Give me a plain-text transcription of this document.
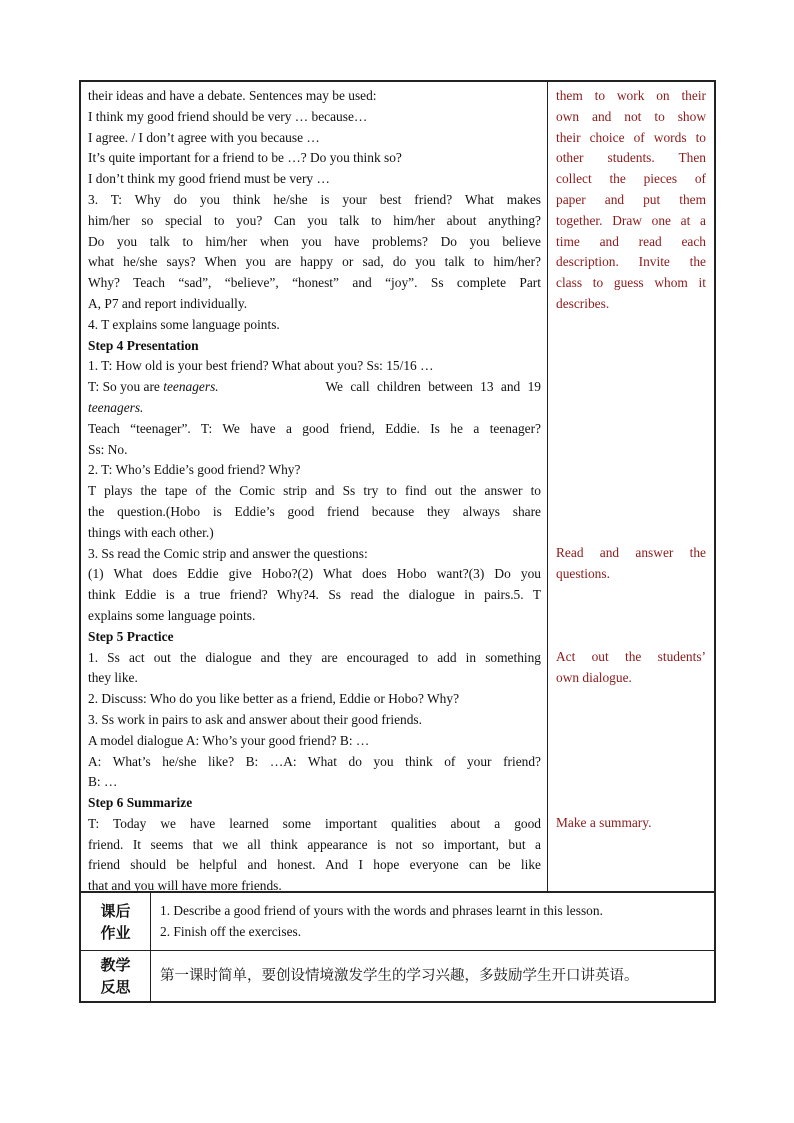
their ideas and have a debate. Sentences may be used:
I think my good friend should be very … because…
I agree. / I don’t agree with you because …
It’s quite important for a friend to be …? Do you think so?
I don’t think my good friend must be very …
3. T: Why do you think he/she is your best friend? What makes
him/her so special to you? Can you talk to him/her about anything?
Do you talk to him/her when you have problems? Do you believe
what he/she says? When you are happy or sad, do you talk to him/her?
Why? Teach “sad”, “believe”, “honest” and “joy”. Ss complete Part
A, P7 and report individually.
4. T explains some language points.
Step 4 Presentation
1. T: How old is your best friend? What about you? Ss: 15/16 …
T: So you are teenagers.	We call children between 13 and 19
teenagers.
Teach “teenager”. T: We have a good friend, Eddie. Is he a teenager?
Ss: No.
2. T: Who’s Eddie’s good friend? Why?
T plays the tape of the Comic strip and Ss try to find out the answer to
the question.(Hobo is Eddie’s good friend because they always share
things with each other.)
3. Ss read the Comic strip and answer the questions:
(1) What does Eddie give Hobo?(2) What does Hobo want?(3) Do you
think Eddie is a true friend? Why?4. Ss read the dialogue in pairs.5. T
explains some language points.
Step 5 Practice
1. Ss act out the dialogue and they are encouraged to add in something
they like.
2. Discuss: Who do you like better as a friend, Eddie or Hobo? Why?
3. Ss work in pairs to ask and answer about their good friends.
A model dialogue A: Who’s your good friend? B: …
A: What’s he/she like? B: …A: What do you think of your friend?
B: …
Step 6 Summarize
T: Today we have learned some important qualities about a good
friend. It seems that we all think appearance is not so important, but a
friend should be helpful and honest. And I hope everyone can be like
that and you will have more friends.
them to work on their
own and not to show
their choice of words to
other students. Then
collect the pieces of
paper and put them
together. Draw one at a
time and read each
description. Invite the
class to guess whom it
describes.
Read and answer the
questions.
Act out the students’
own dialogue.
Make a summary.
课后
作业
1. Describe a good friend of yours with the words and phrases learnt in this lesson.
2. Finish off the exercises.
教学
反思
第一课时简单，要创设情境激发学生的学习兴趣，多鼓励学生开口讲英语。
